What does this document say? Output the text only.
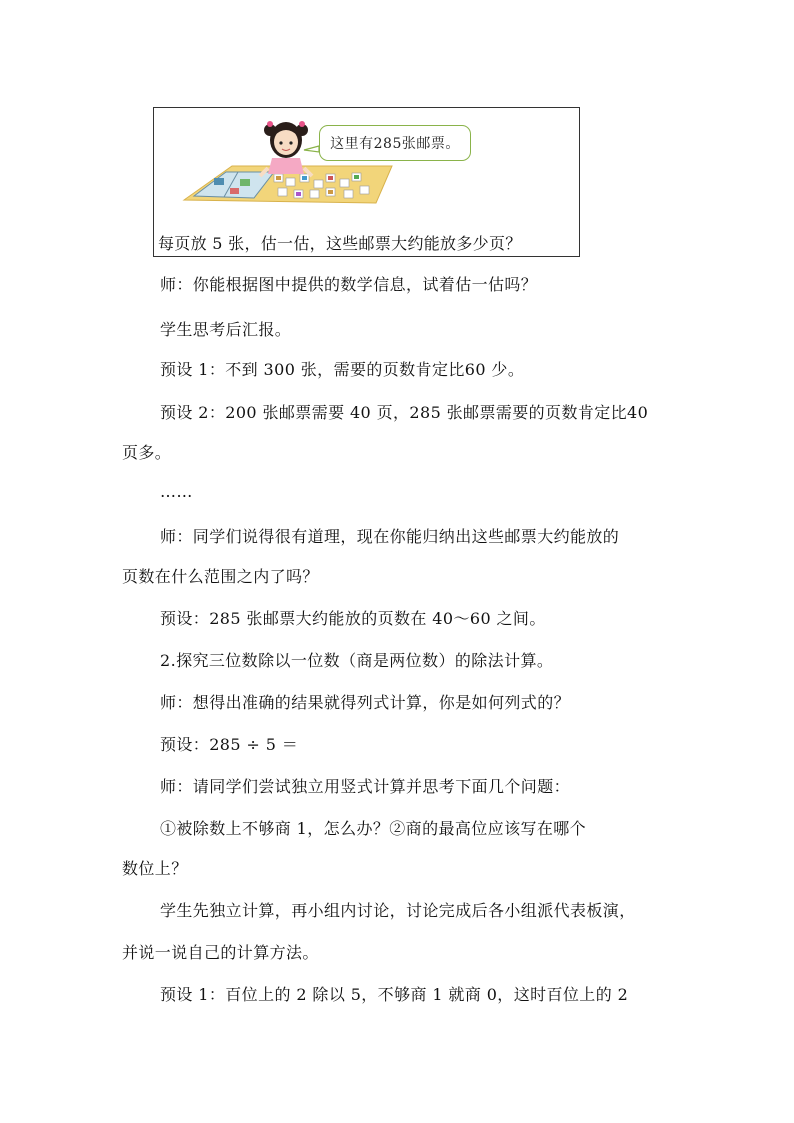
这里有285张邮票。
每页放 5 张，估一估，这些邮票大约能放多少页？
师：你能根据图中提供的数学信息，试着估一估吗？
学生思考后汇报。
预设 1：不到 300 张，需要的页数肯定比60 少。
预设 2：200 张邮票需要 40 页，285 张邮票需要的页数肯定比40
页多。
……
师：同学们说得很有道理，现在你能归纳出这些邮票大约能放的
页数在什么范围之内了吗？
预设：285 张邮票大约能放的页数在 40～60 之间。
2.探究三位数除以一位数（商是两位数）的除法计算。
师：想得出准确的结果就得列式计算，你是如何列式的？
预设：285 ÷ 5 ＝
师：请同学们尝试独立用竖式计算并思考下面几个问题：
①被除数上不够商 1，怎么办？②商的最高位应该写在哪个
数位上？
学生先独立计算，再小组内讨论，讨论完成后各小组派代表板演，
并说一说自己的计算方法。
预设 1：百位上的 2 除以 5，不够商 1 就商 0，这时百位上的 2
